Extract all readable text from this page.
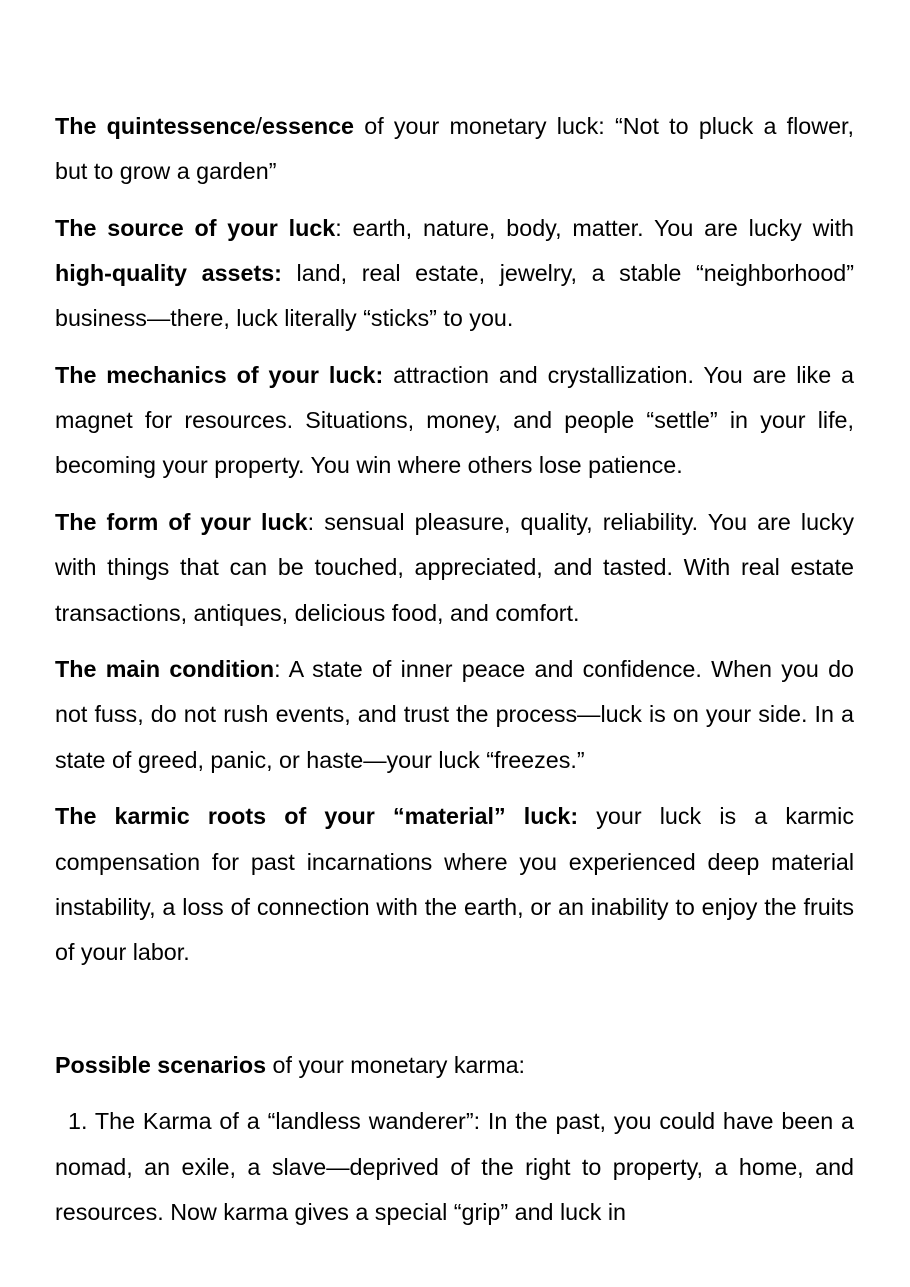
The quintessence/essence of your monetary luck: “Not to pluck a flower, but to grow a garden”

The source of your luck: earth, nature, body, matter. You are lucky with high-quality assets: land, real estate, jewelry, a stable “neighborhood” business—there, luck literally “sticks” to you.

The mechanics of your luck: attraction and crystallization. You are like a magnet for resources. Situations, money, and people “settle” in your life, becoming your property. You win where others lose patience.

The form of your luck: sensual pleasure, quality, reliability. You are lucky with things that can be touched, appreciated, and tasted. With real estate transactions, antiques, delicious food, and comfort.

The main condition: A state of inner peace and confidence. When you do not fuss, do not rush events, and trust the process—luck is on your side. In a state of greed, panic, or haste—your luck “freezes.”

The karmic roots of your “material” luck: your luck is a karmic compensation for past incarnations where you experienced deep material instability, a loss of connection with the earth, or an inability to enjoy the fruits of your labor.

Possible scenarios of your monetary karma:

1. The Karma of a “landless wanderer”: In the past, you could have been a nomad, an exile, a slave—deprived of the right to property, a home, and resources. Now karma gives a special “grip” and luck in
